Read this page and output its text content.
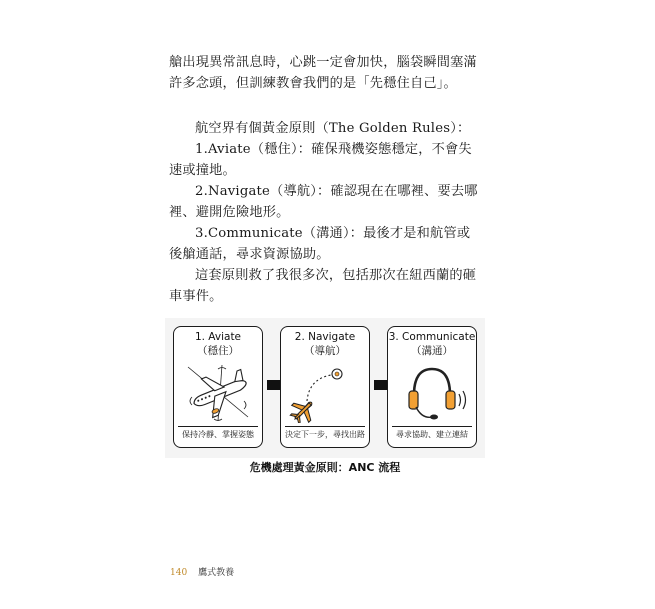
艙出現異常訊息時，心跳一定會加快，腦袋瞬間塞滿許多念頭，但訓練教會我們的是「先穩住自己」。

航空界有個黃金原則（The Golden Rules）：

1.Aviate（穩住）：確保飛機姿態穩定，不會失速或撞地。

2.Navigate（導航）：確認現在在哪裡、要去哪裡、避開危險地形。

3.Communicate（溝通）：最後才是和航管或後艙通話，尋求資源協助。

這套原則救了我很多次，包括那次在紐西蘭的砸車事件。

1. Aviate
（穩住）
保持冷靜、掌握姿態
2. Navigate
（導航）
決定下一步，尋找出路
3. Communicate
（溝通）
尋求協助、建立連結
危機處理黃金原則：ANC 流程
140 鷹式教養
